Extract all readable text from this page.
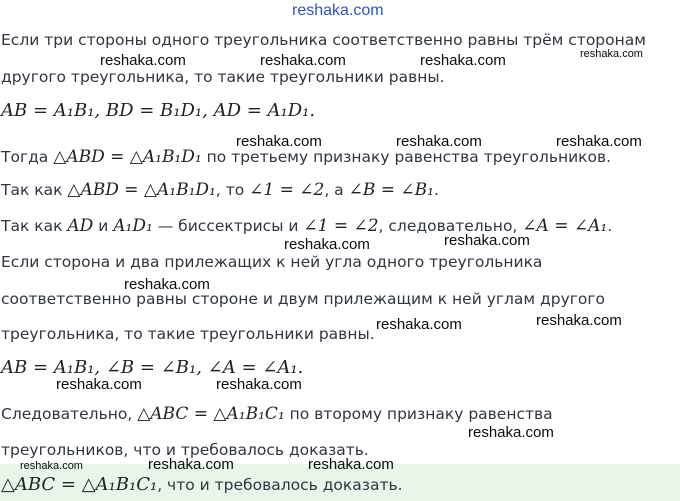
reshaka.com
Если три стороны одного треугольника соответственно равны трём сторонам
другого треугольника, то такие треугольники равны.
AB = A₁B₁, BD = B₁D₁, AD = A₁D₁.
Тогда △ABD = △A₁B₁D₁ по третьему признаку равенства треугольников.
Так как △ABD = △A₁B₁D₁, то ∠1 = ∠2, а ∠B = ∠B₁.
Так как AD и A₁D₁ — биссектрисы и ∠1 = ∠2, следовательно, ∠A = ∠A₁.
Если сторона и два прилежащих к ней угла одного треугольника
соответственно равны стороне и двум прилежащим к ней углам другого
треугольника, то такие треугольники равны.
AB = A₁B₁, ∠B = ∠B₁, ∠A = ∠A₁.
Следовательно, △ABC = △A₁B₁C₁ по второму признаку равенства
треугольников, что и требовалось доказать.
△ABC = △A₁B₁C₁, что и требовалось доказать.
reshaka.com	reshaka.com	reshaka.com	reshaka.com
reshaka.com	reshaka.com	reshaka.com
reshaka.com	reshaka.com
reshaka.com
reshaka.com	reshaka.com
reshaka.com	reshaka.com
reshaka.com
reshaka.com	reshaka.com	reshaka.com
